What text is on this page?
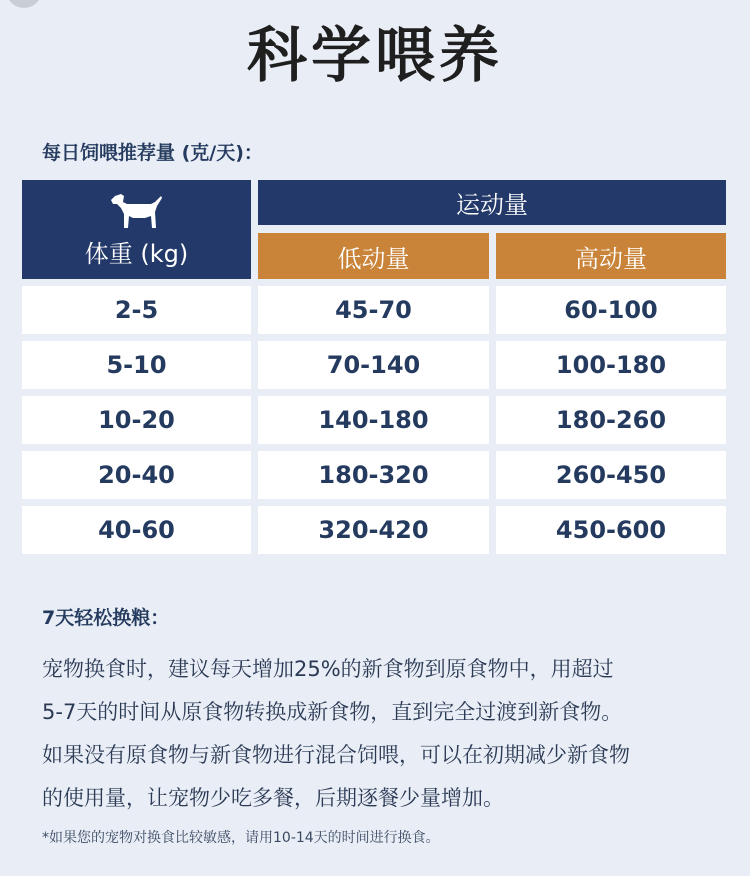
科学喂养
每日饲喂推荐量 (克/天)：
体重 (kg)
运动量
低动量	高动量
2-5	45-70	60-100
5-10	70-140	100-180
10-20	140-180	180-260
20-40	180-320	260-450
40-60	320-420	450-600
7天轻松换粮：
宠物换食时，建议每天增加25%的新食物到原食物中，用超过
5-7天的时间从原食物转换成新食物，直到完全过渡到新食物。
如果没有原食物与新食物进行混合饲喂，可以在初期减少新食物
的使用量，让宠物少吃多餐，后期逐餐少量增加。
*如果您的宠物对换食比较敏感，请用10-14天的时间进行换食。
